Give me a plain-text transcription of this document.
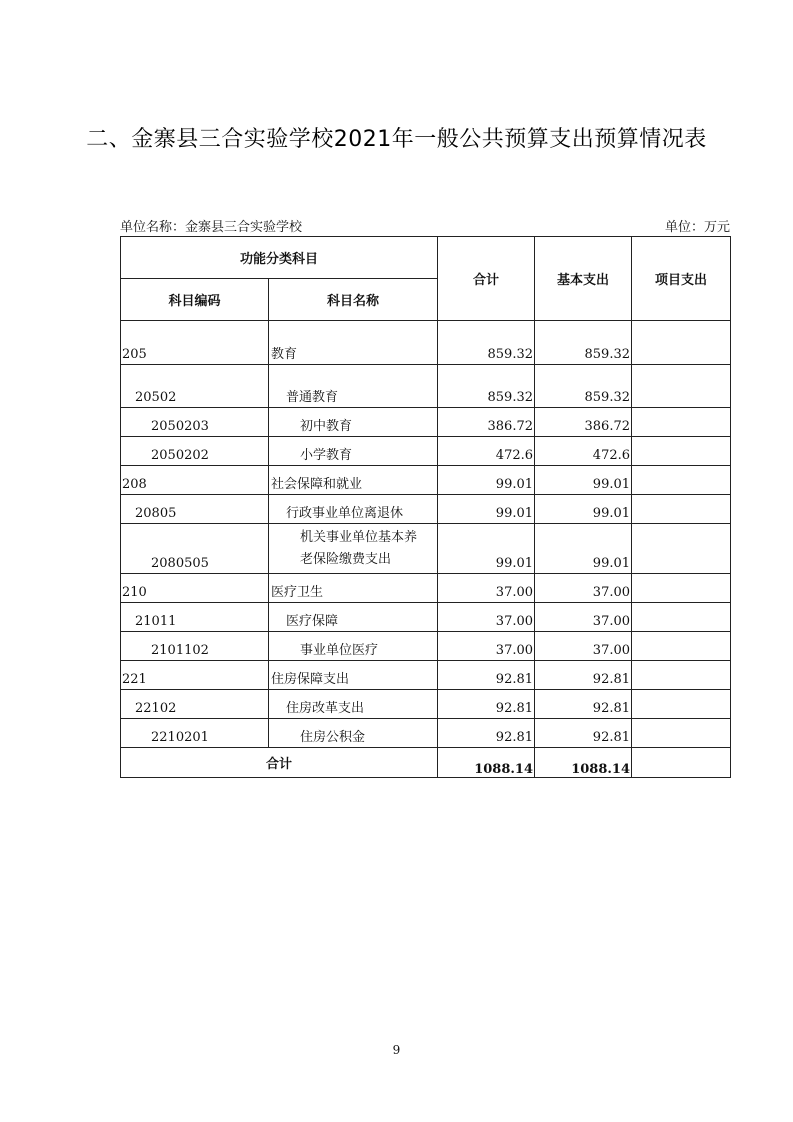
二、金寨县三合实验学校2021年一般公共预算支出预算情况表
单位名称：金寨县三合实验学校	单位：万元
功能分类科目		合计	基本支出	项目支出
科目编码	科目名称			
205	教育	859.32	859.32	
20502	普通教育	859.32	859.32	
2050203	初中教育	386.72	386.72	
2050202	小学教育	472.6	472.6	
208	社会保障和就业	99.01	99.01	
20805	行政事业单位离退休	99.01	99.01	
2080505	机关事业单位基本养老保险缴费支出	99.01	99.01	
210	医疗卫生	37.00	37.00	
21011	医疗保障	37.00	37.00	
2101102	事业单位医疗	37.00	37.00	
221	住房保障支出	92.81	92.81	
22102	住房改革支出	92.81	92.81	
2210201	住房公积金	92.81	92.81	
合计		1088.14	1088.14	
9
